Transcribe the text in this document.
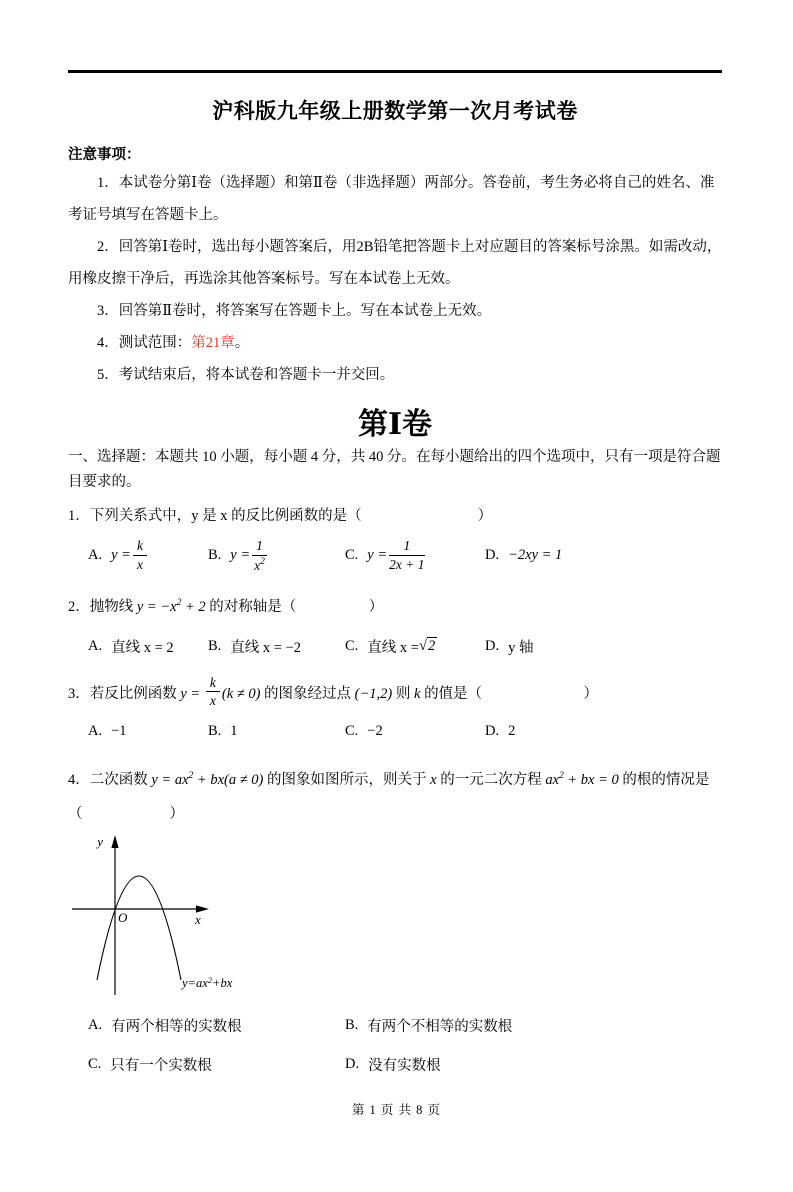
沪科版九年级上册数学第一次月考试卷
注意事项：

1．本试卷分第Ⅰ卷（选择题）和第Ⅱ卷（非选择题）两部分。答卷前，考生务必将自己的姓名、准考证号填写在答题卡上。

2．回答第Ⅰ卷时，选出每小题答案后，用2B铅笔把答题卡上对应题目的答案标号涂黑。如需改动，用橡皮擦干净后，再选涂其他答案标号。写在本试卷上无效。

3．回答第Ⅱ卷时，将答案写在答题卡上。写在本试卷上无效。

4．测试范围：第21章。

5．考试结束后，将本试卷和答题卡一并交回。

第Ⅰ卷

一、选择题：本题共 10 小题，每小题 4 分，共 40 分。在每小题给出的四个选项中，只有一项是符合题目要求的。

1．下列关系式中，y 是 x 的反比例函数的是（　　　　　　　　）

A. $y = \frac{k}{x}$	B. $y = \frac{1}{x^2}$	C. $y = \frac{1}{2x + 1}$	D. −2xy = 1

2．抛物线 $y = -x^2 + 2$ 的对称轴是（　　　　　）

A. 直线 x = 2 B. 直线 x = −2	C. 直线 x = √2	D. y 轴

3．若反比例函数 $y = \frac{k}{x} (k \ne 0)$ 的图象经过点 (−1,2) 则 k 的值是（　　　　　　　）

A. −1	B. 1	C. −2	D. 2

4．二次函数 $y = ax^2 + bx(a \ne 0)$ 的图象如图所示，则关于 x 的一元二次方程 $ax^2$ + bx = 0 的根的情况是

（　　　　　　）

y
x
O
$y=ax^2+bx$
A. 有两个相等的实数根	B. 有两个不相等的实数根
C. 只有一个实数根	D. 没有实数根
第 1 页 共 8 页
